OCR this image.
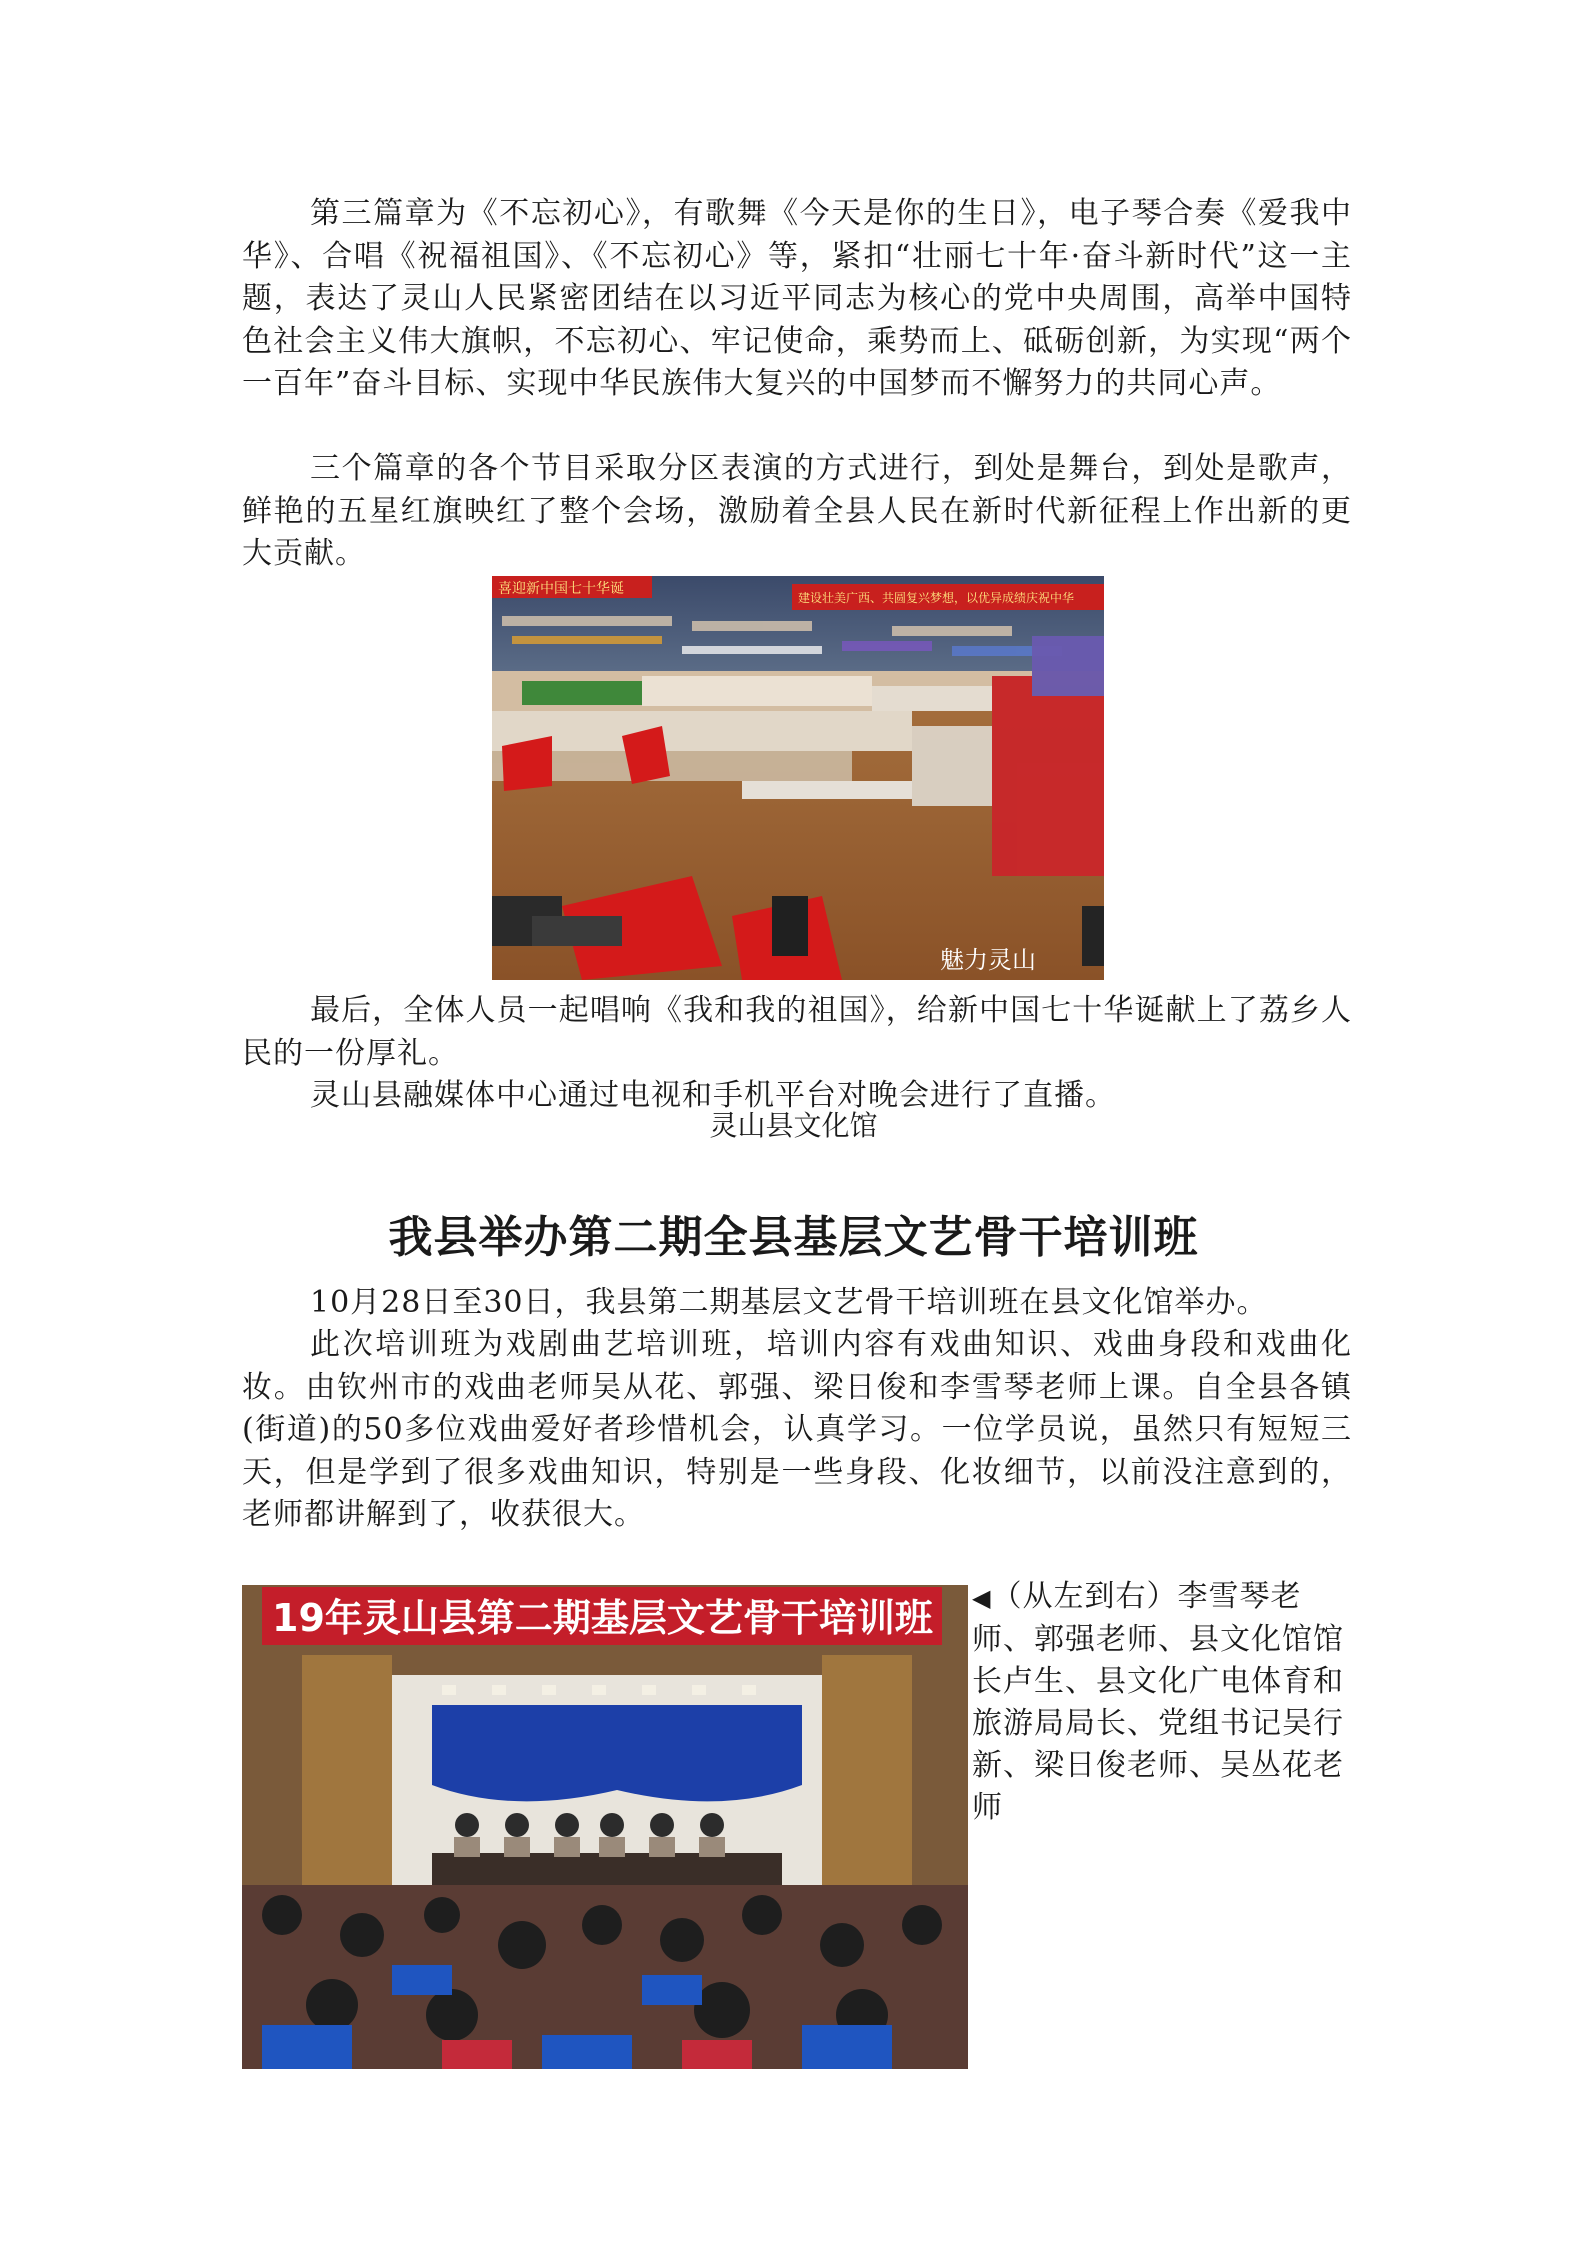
第三篇章为《不忘初心》，有歌舞《今天是你的生日》，电子琴合奏《爱我中华》、合唱《祝福祖国》、《不忘初心》等，紧扣“壮丽七十年·奋斗新时代”这一主题，表达了灵山人民紧密团结在以习近平同志为核心的党中央周围，高举中国特色社会主义伟大旗帜，不忘初心、牢记使命，乘势而上、砥砺创新，为实现“两个一百年”奋斗目标、实现中华民族伟大复兴的中国梦而不懈努力的共同心声。

三个篇章的各个节目采取分区表演的方式进行，到处是舞台，到处是歌声，鲜艳的五星红旗映红了整个会场，激励着全县人民在新时代新征程上作出新的更大贡献。

喜迎新中国七十华诞
建设壮美广西、共圆复兴梦想，以优异成绩庆祝中华
魅力灵山

最后，全体人员一起唱响《我和我的祖国》，给新中国七十华诞献上了荔乡人民的一份厚礼。

灵山县融媒体中心通过电视和手机平台对晚会进行了直播。

灵山县文化馆

我县举办第二期全县基层文艺骨干培训班

10月28日至30日，我县第二期基层文艺骨干培训班在县文化馆举办。

此次培训班为戏剧曲艺培训班，培训内容有戏曲知识、戏曲身段和戏曲化妆。由钦州市的戏曲老师吴从花、郭强、梁日俊和李雪琴老师上课。自全县各镇(街道)的50多位戏曲爱好者珍惜机会，认真学习。一位学员说，虽然只有短短三天，但是学到了很多戏曲知识，特别是一些身段、化妆细节，以前没注意到的，老师都讲解到了，收获很大。

19年灵山县第二期基层文艺骨干培训班 ◀（从左到右）李雪琴老师、郭强老师、县文化馆馆长卢生、县文化广电体育和旅游局局长、党组书记吴行新、梁日俊老师、吴丛花老师
